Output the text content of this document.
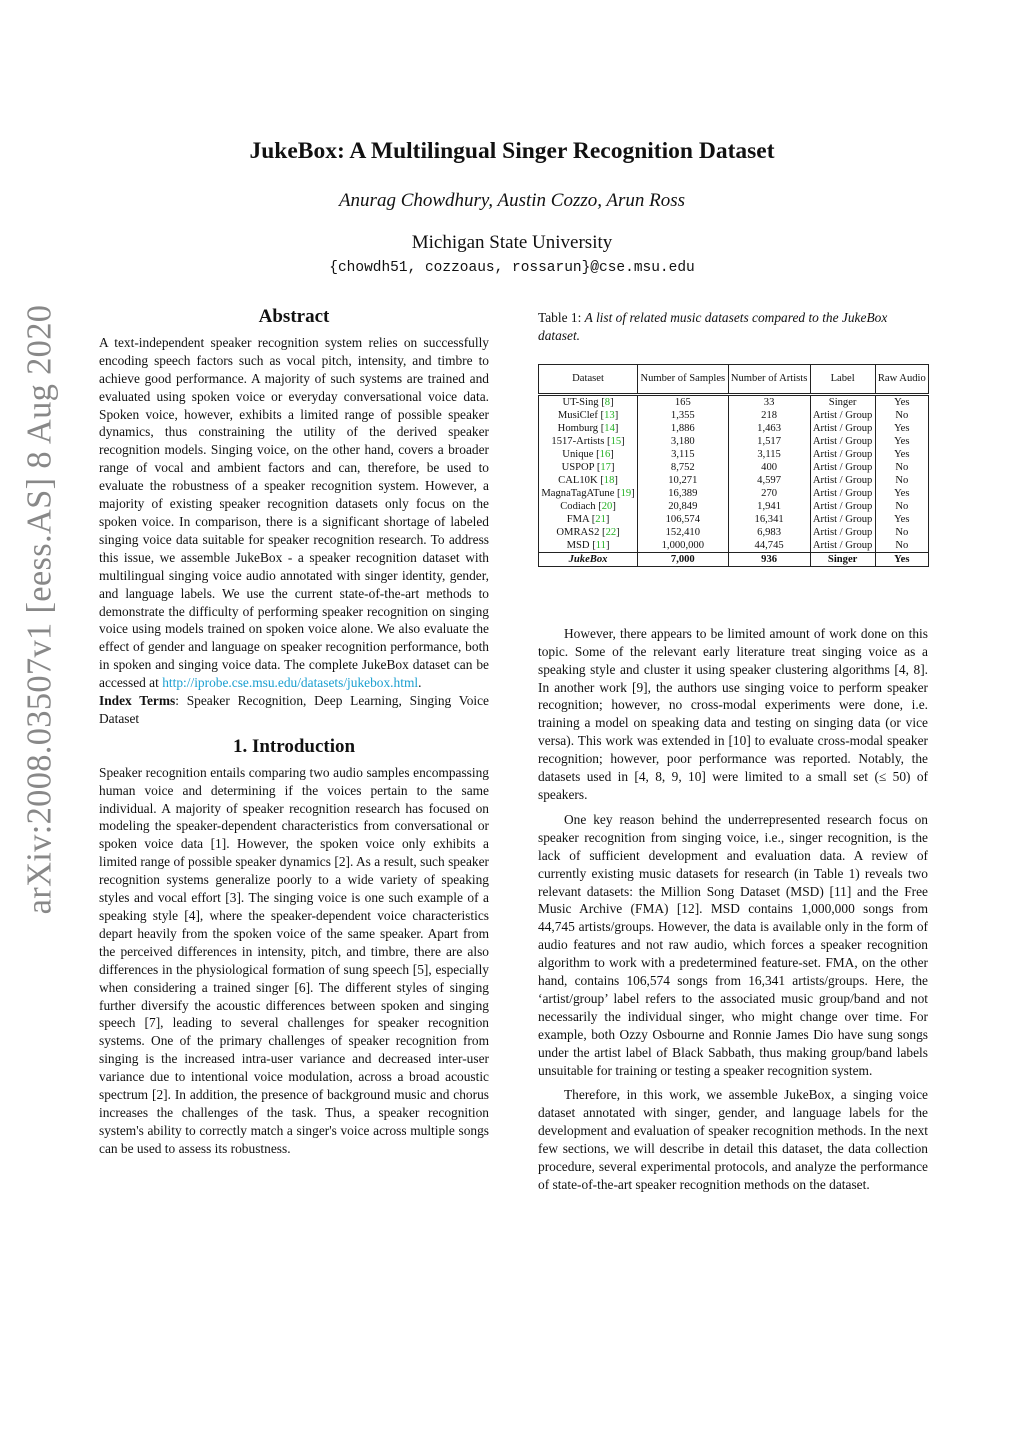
arXiv:2008.03507v1 [eess.AS] 8 Aug 2020
JukeBox: A Multilingual Singer Recognition Dataset
Anurag Chowdhury, Austin Cozzo, Arun Ross
Michigan State University
{chowdh51, cozzoaus, rossarun}@cse.msu.edu
Abstract

A text-independent speaker recognition system relies on successfully encoding speech factors such as vocal pitch, intensity, and timbre to achieve good performance. A majority of such systems are trained and evaluated using spoken voice or everyday conversational voice data. Spoken voice, however, exhibits a limited range of possible speaker dynamics, thus constraining the utility of the derived speaker recognition models. Singing voice, on the other hand, covers a broader range of vocal and ambient factors and can, therefore, be used to evaluate the robustness of a speaker recognition system. However, a majority of existing speaker recognition datasets only focus on the spoken voice. In comparison, there is a significant shortage of labeled singing voice data suitable for speaker recognition research. To address this issue, we assemble JukeBox - a speaker recognition dataset with multilingual singing voice audio annotated with singer identity, gender, and language labels. We use the current state-of-the-art methods to demonstrate the difficulty of performing speaker recognition on singing voice using models trained on spoken voice alone. We also evaluate the effect of gender and language on speaker recognition performance, both in spoken and singing voice data. The complete JukeBox dataset can be accessed at http://iprobe.cse.msu.edu/datasets/jukebox.html.

Index Terms: Speaker Recognition, Deep Learning, Singing Voice Dataset

1. Introduction

Speaker recognition entails comparing two audio samples encompassing human voice and determining if the voices pertain to the same individual. A majority of speaker recognition research has focused on modeling the speaker-dependent characteristics from conversational or spoken voice data [1]. However, the spoken voice only exhibits a limited range of possible speaker dynamics [2]. As a result, such speaker recognition systems generalize poorly to a wide variety of speaking styles and vocal effort [3]. The singing voice is one such example of a speaking style [4], where the speaker-dependent voice characteristics depart heavily from the spoken voice of the same speaker. Apart from the perceived differences in intensity, pitch, and timbre, there are also differences in the physiological formation of sung speech [5], especially when considering a trained singer [6]. The different styles of singing further diversify the acoustic differences between spoken and singing speech [7], leading to several challenges for speaker recognition systems. One of the primary challenges of speaker recognition from singing is the increased intra-user variance and decreased inter-user variance due to intentional voice modulation, across a broad acoustic spectrum [2]. In addition, the presence of background music and chorus increases the challenges of the task. Thus, a speaker recognition system's ability to correctly match a singer's voice across multiple songs can be used to assess its robustness.

Table 1: A list of related music datasets compared to the JukeBox dataset.

Dataset	Number of Samples	Number of Artists	Label	Raw Audio
UT-Sing [8]	165	33	Singer	Yes
MusiClef [13]	1,355	218	Artist / Group	No
Homburg [14]	1,886	1,463	Artist / Group	Yes
1517-Artists [15]	3,180	1,517	Artist / Group	Yes
Unique [16]	3,115	3,115	Artist / Group	Yes
USPOP [17]	8,752	400	Artist / Group	No
CAL10K [18]	10,271	4,597	Artist / Group	No
MagnaTagATune [19]	16,389	270	Artist / Group	Yes
Codiach [20]	20,849	1,941	Artist / Group	No
FMA [21]	106,574	16,341	Artist / Group	Yes
OMRAS2 [22]	152,410	6,983	Artist / Group	No
MSD [11]	1,000,000	44,745	Artist / Group	No
JukeBox	7,000	936	Singer	Yes

However, there appears to be limited amount of work done on this topic. Some of the relevant early literature treat singing voice as a speaking style and cluster it using speaker clustering algorithms [4, 8]. In another work [9], the authors use singing voice to perform speaker recognition; however, no cross-modal experiments were done, i.e. training a model on speaking data and testing on singing data (or vice versa). This work was extended in [10] to evaluate cross-modal speaker recognition; however, poor performance was reported. Notably, the datasets used in [4, 8, 9, 10] were limited to a small set (≤ 50) of speakers.

One key reason behind the underrepresented research focus on speaker recognition from singing voice, i.e., singer recognition, is the lack of sufficient development and evaluation data. A review of currently existing music datasets for research (in Table 1) reveals two relevant datasets: the Million Song Dataset (MSD) [11] and the Free Music Archive (FMA) [12]. MSD contains 1,000,000 songs from 44,745 artists/groups. However, the data is available only in the form of audio features and not raw audio, which forces a speaker recognition algorithm to work with a predetermined feature-set. FMA, on the other hand, contains 106,574 songs from 16,341 artists/groups. Here, the ‘artist/group’ label refers to the associated music group/band and not necessarily the individual singer, who might change over time. For example, both Ozzy Osbourne and Ronnie James Dio have sung songs under the artist label of Black Sabbath, thus making group/band labels unsuitable for training or testing a speaker recognition system.

Therefore, in this work, we assemble JukeBox, a singing voice dataset annotated with singer, gender, and language labels for the development and evaluation of speaker recognition methods. In the next few sections, we will describe in detail this dataset, the data collection procedure, several experimental protocols, and analyze the performance of state-of-the-art speaker recognition methods on the dataset.
